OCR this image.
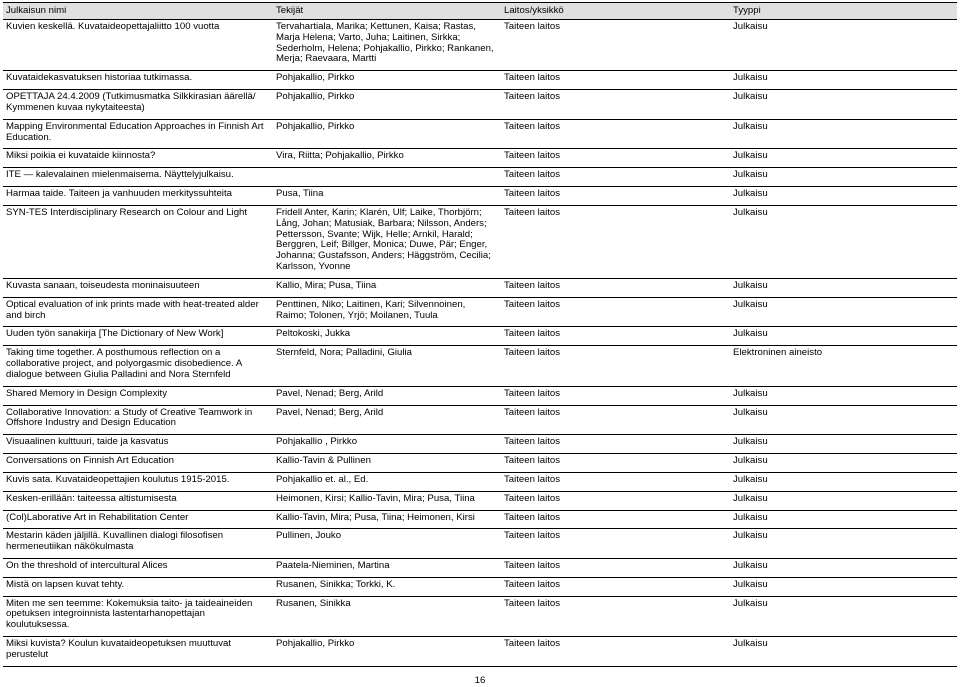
Julkaisun nimi	Tekijät	Laitos/yksikkö	Tyyppi
Kuvien keskellä. Kuvataideopettajaliitto 100 vuotta	Tervahartiala, Marika; Kettunen, Kaisa; Rastas, Marja Helena; Varto, Juha; Laitinen, Sirkka; Sederholm, Helena; Pohjakallio, Pirkko; Rankanen, Merja; Raevaara, Martti	Taiteen laitos	Julkaisu
Kuvataidekasvatuksen historiaa tutkimassa.	Pohjakallio, Pirkko	Taiteen laitos	Julkaisu
OPETTAJA 24.4.2009 (Tutkimusmatka Silkkirasian äärellä/ Kymmenen kuvaa nykytaiteesta)	Pohjakallio, Pirkko	Taiteen laitos	Julkaisu
Mapping Environmental Education Approaches in Finnish Art Education.	Pohjakallio, Pirkko	Taiteen laitos	Julkaisu
Miksi poikia ei kuvataide kiinnosta?	Vira, Riitta; Pohjakallio, Pirkko	Taiteen laitos	Julkaisu
ITE — kalevalainen mielenmaisema. Näyttelyjulkaisu.		Taiteen laitos	Julkaisu
Harmaa taide. Taiteen ja vanhuuden merkityssuhteita	Pusa, Tiina	Taiteen laitos	Julkaisu
SYN-TES Interdisciplinary Research on Colour and Light	Fridell Anter, Karin; Klarén, Ulf; Laike, Thorbjörn; Lång, Johan; Matusiak, Barbara; Nilsson, Anders; Pettersson, Svante; Wijk, Helle; Arnkil, Harald; Berggren, Leif; Billger, Monica; Duwe, Pär; Enger, Johanna; Gustafsson, Anders; Häggström, Cecilia; Karlsson, Yvonne	Taiteen laitos	Julkaisu
Kuvasta sanaan, toiseudesta moninaisuuteen	Kallio, Mira; Pusa, Tiina	Taiteen laitos	Julkaisu
Optical evaluation of ink prints made with heat-treated alder and birch	Penttinen, Niko; Laitinen, Kari; Silvennoinen, Raimo; Tolonen, Yrjö; Moilanen, Tuula	Taiteen laitos	Julkaisu
Uuden työn sanakirja [The Dictionary of New Work]	Peltokoski, Jukka	Taiteen laitos	Julkaisu
Taking time together. A posthumous reflection on a collaborative project, and polyorgasmic disobedience. A dialogue between Giulia Palladini and Nora Sternfeld	Sternfeld, Nora; Palladini, Giulia	Taiteen laitos	Elektroninen aineisto
Shared Memory in Design Complexity	Pavel, Nenad; Berg, Arild	Taiteen laitos	Julkaisu
Collaborative Innovation: a Study of Creative Teamwork in Offshore Industry and Design Education	Pavel, Nenad; Berg, Arild	Taiteen laitos	Julkaisu
Visuaalinen kulttuuri, taide ja kasvatus	Pohjakallio , Pirkko	Taiteen laitos	Julkaisu
Conversations on Finnish Art Education	Kallio-Tavin & Pullinen	Taiteen laitos	Julkaisu
Kuvis sata. Kuvataideopettajien koulutus 1915-2015.	Pohjakallio et. al., Ed.	Taiteen laitos	Julkaisu
Kesken-erillään: taiteessa altistumisesta	Heimonen, Kirsi; Kallio-Tavin, Mira; Pusa, Tiina	Taiteen laitos	Julkaisu
(Col)Laborative Art in Rehabilitation Center	Kallio-Tavin, Mira; Pusa, Tiina; Heimonen, Kirsi	Taiteen laitos	Julkaisu
Mestarin käden jäljillä. Kuvallinen dialogi filosofisen hermeneutiikan näkökulmasta	Pullinen, Jouko	Taiteen laitos	Julkaisu
On the threshold of intercultural Alices	Paatela-Nieminen, Martina	Taiteen laitos	Julkaisu
Mistä on lapsen kuvat tehty.	Rusanen, Sinikka; Torkki, K.	Taiteen laitos	Julkaisu
Miten me sen teemme: Kokemuksia taito- ja taideaineiden opetuksen integroinnista lastentarhanopettajan koulutuksessa.	Rusanen, Sinikka	Taiteen laitos	Julkaisu
Miksi kuvista? Koulun kuvataideopetuksen muuttuvat perustelut	Pohjakallio, Pirkko	Taiteen laitos	Julkaisu
16
